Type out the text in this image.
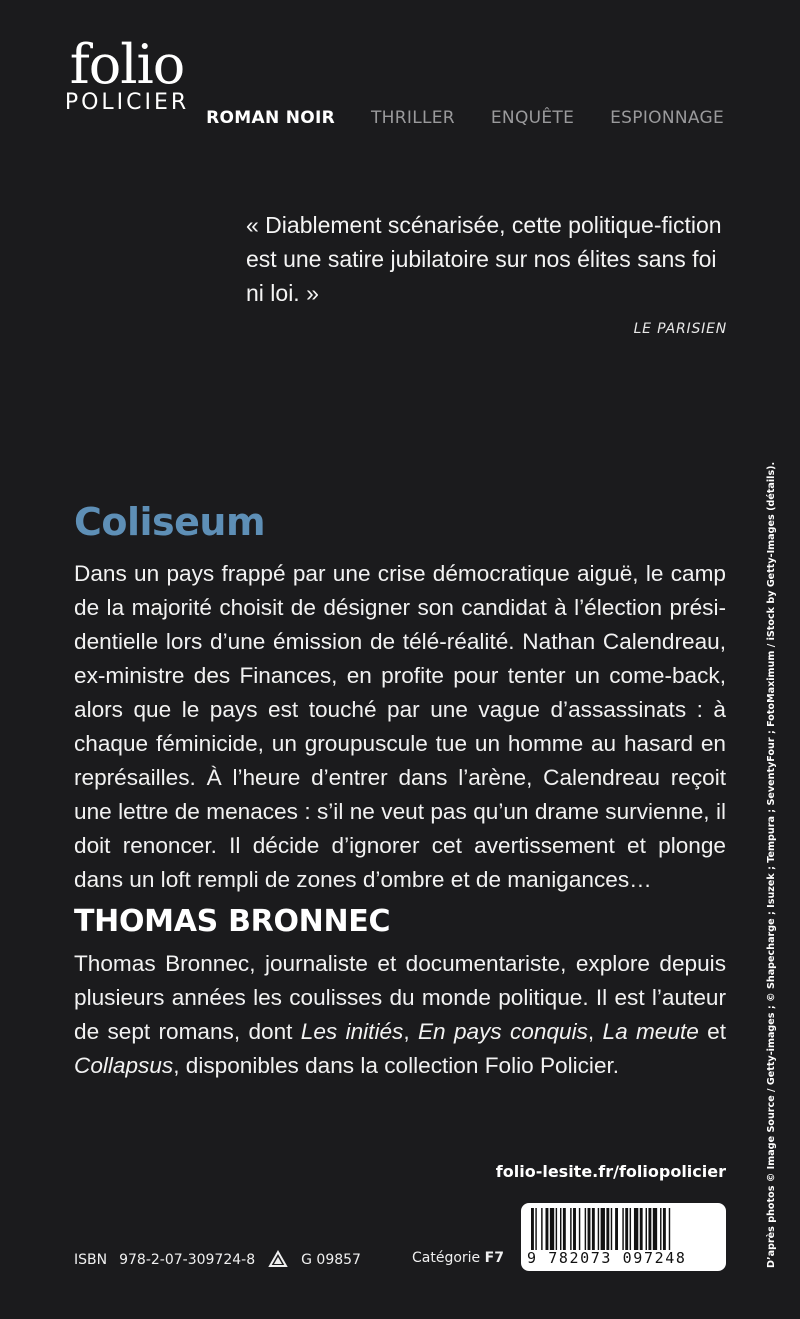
folio
POLICIER
ROMAN NOIR THRILLER ENQUÊTE ESPIONNAGE
« Diablement scénarisée, cette politique-fiction est une satire jubilatoire sur nos élites sans foi ni loi. »
LE PARISIEN
Coliseum
Dans un pays frappé par une crise démocratique aiguë, le camp de la majorité choisit de désigner son candidat à l’élection présidentielle lors d’une émission de télé-réalité. Nathan Calendreau, ex-ministre des Finances, en profite pour tenter un come-back, alors que le pays est touché par une vague d’assassinats : à chaque féminicide, un groupuscule tue un homme au hasard en représailles. À l’heure d’entrer dans l’arène, Calendreau reçoit une lettre de menaces : s’il ne veut pas qu’un drame survienne, il doit renoncer. Il décide d’ignorer cet avertissement et plonge dans un loft rempli de zones d’ombre et de manigances…
THOMAS BRONNEC
Thomas Bronnec, journaliste et documentariste, explore depuis plusieurs années les coulisses du monde politique. Il est l’auteur de sept romans, dont Les initiés, En pays conquis, La meute et Collapsus, disponibles dans la collection Folio Policier.
folio-lesite.fr/foliopolicier
ISBN 978-2-07-309724-8	G 09857	Catégorie F7 9 782073 097248	D’après photos © Image Source / Getty-images ; © Shapecharge ; Isuzek ; Tempura ; SeventyFour ; FotoMaximum / iStock by Getty-Images (détails).
